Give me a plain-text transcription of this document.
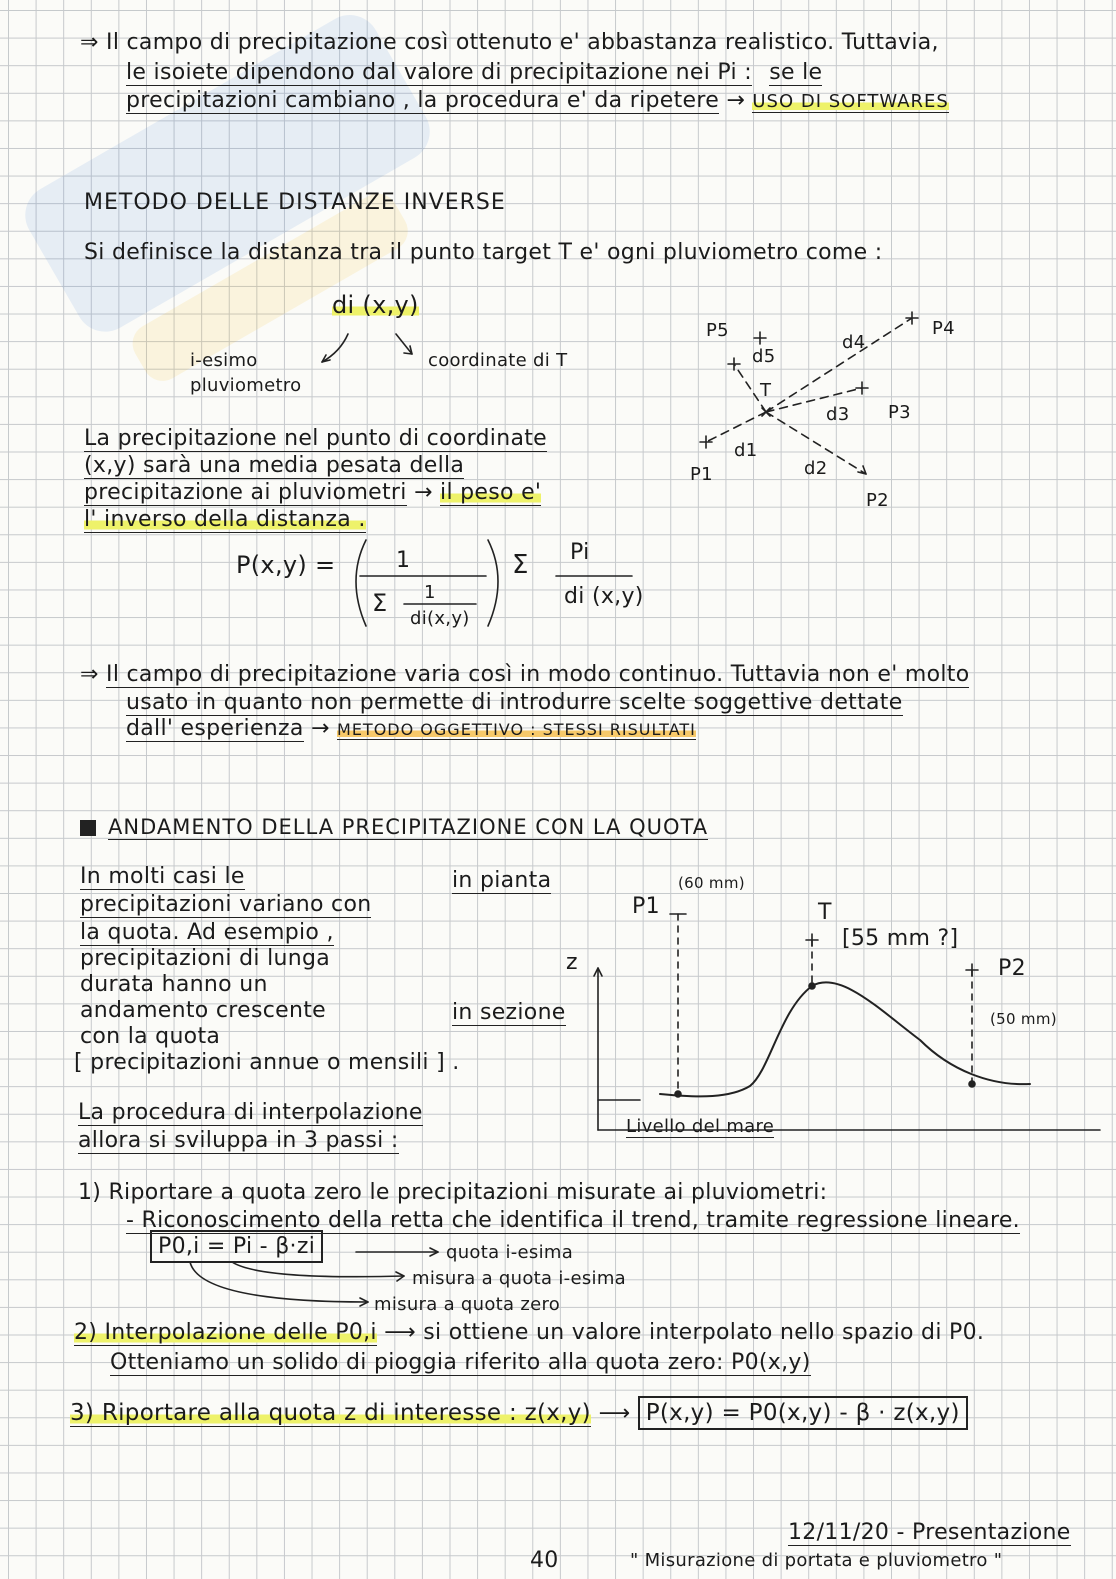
⇒ Il campo di precipitazione così ottenuto e' abbastanza realistico. Tuttavia,
le isoiete dipendono dal valore di precipitazione nei Pi : se le
precipitazioni cambiano , la procedura e' da ripetere → USO DI SOFTWARES
METODO DELLE DISTANZE INVERSE
Si definisce la distanza tra il punto target T e' ogni pluviometro come :
di (x,y)
i-esimo
pluviometro
coordinate di T
La precipitazione nel punto di coordinate
(x,y) sarà una media pesata della
precipitazione ai pluviometri → il peso e'
l' inverso della distanza .
P(x,y) =	1
Σ 1
di(x,y)
Σ Pi
di (x,y)
P5
d5
P4
d4
T
d3 P3
d1
P1	d2
P2
⇒ Il campo di precipitazione varia così in modo continuo. Tuttavia non e' molto
usato in quanto non permette di introdurre scelte soggettive dettate
dall' esperienza → METODO OGGETTIVO : STESSI RISULTATI
ANDAMENTO DELLA PRECIPITAZIONE CON LA QUOTA
In molti casi le
precipitazioni variano con
la quota. Ad esempio ,
precipitazioni di lunga
durata hanno un
andamento crescente
con la quota
[ precipitazioni annue o mensili ] .
La procedura di interpolazione
allora si sviluppa in 3 passi :
in pianta
in sezione
P1
(60 mm)
T
[55 mm ?]
P2
(50 mm)
z
Livello del mare
1) Riportare a quota zero le precipitazioni misurate ai pluviometri:
- Riconoscimento della retta che identifica il trend, tramite regressione lineare.
P0,i = Pi - β·zi	quota i-esima
misura a quota i-esima
misura a quota zero
2) Interpolazione delle P0,i ⟶ si ottiene un valore interpolato nello spazio di P0.
Otteniamo un solido di pioggia riferito alla quota zero: P0(x,y)
3) Riportare alla quota z di interesse : z(x,y) ⟶ P(x,y) = P0(x,y) - β · z(x,y)
40
12/11/20 - Presentazione
" Misurazione di portata e pluviometro "
